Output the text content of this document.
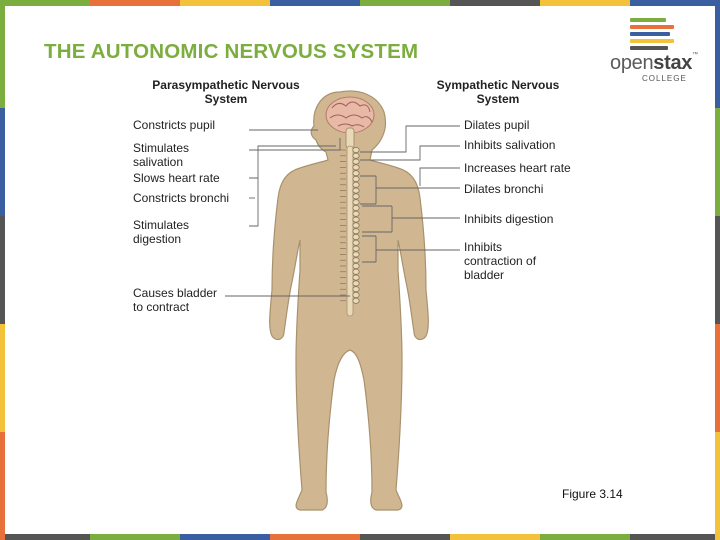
THE AUTONOMIC NERVOUS SYSTEM	openstax™
COLLEGE
Parasympathetic Nervous System
Sympathetic Nervous System
Constricts pupil
Stimulates salivation
Slows heart rate
Constricts bronchi
Stimulates digestion
Causes bladder to contract
Dilates pupil
Inhibits salivation
Increases heart rate
Dilates bronchi
Inhibits digestion
Inhibits contraction of bladder
Figure 3.14
